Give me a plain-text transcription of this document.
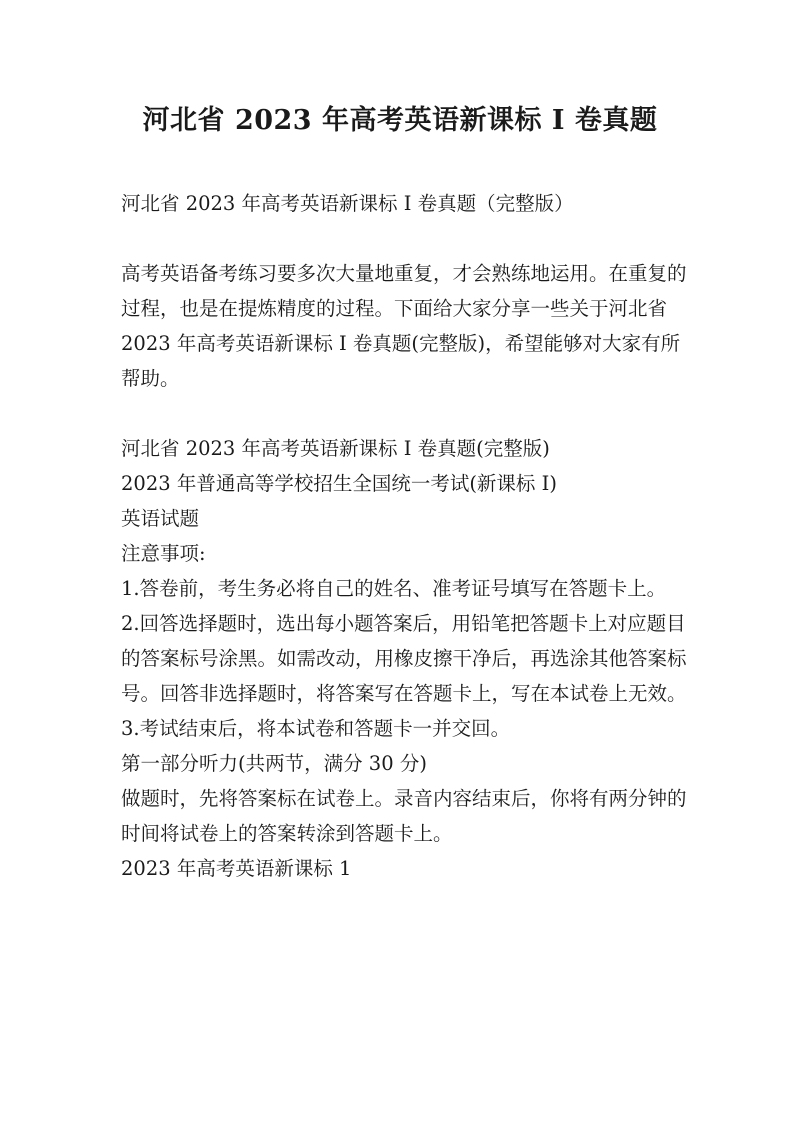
河北省 2023 年高考英语新课标 I 卷真题

河北省 2023 年高考英语新课标 I 卷真题（完整版）

高考英语备考练习要多次大量地重复，才会熟练地运用。在重复的过程，也是在提炼精度的过程。下面给大家分享一些关于河北省 2023 年高考英语新课标 I 卷真题(完整版)，希望能够对大家有所帮助。

河北省 2023 年高考英语新课标 I 卷真题(完整版)

2023 年普通高等学校招生全国统一考试(新课标 I)

英语试题

注意事项:

1.答卷前，考生务必将自己的姓名、准考证号填写在答题卡上。

2.回答选择题时，选出每小题答案后，用铅笔把答题卡上对应题目的答案标号涂黑。如需改动，用橡皮擦干净后，再选涂其他答案标号。回答非选择题时，将答案写在答题卡上，写在本试卷上无效。

3.考试结束后，将本试卷和答题卡一并交回。

第一部分听力(共两节，满分 30 分)

做题时，先将答案标在试卷上。录音内容结束后，你将有两分钟的时间将试卷上的答案转涂到答题卡上。

2023 年高考英语新课标 1
